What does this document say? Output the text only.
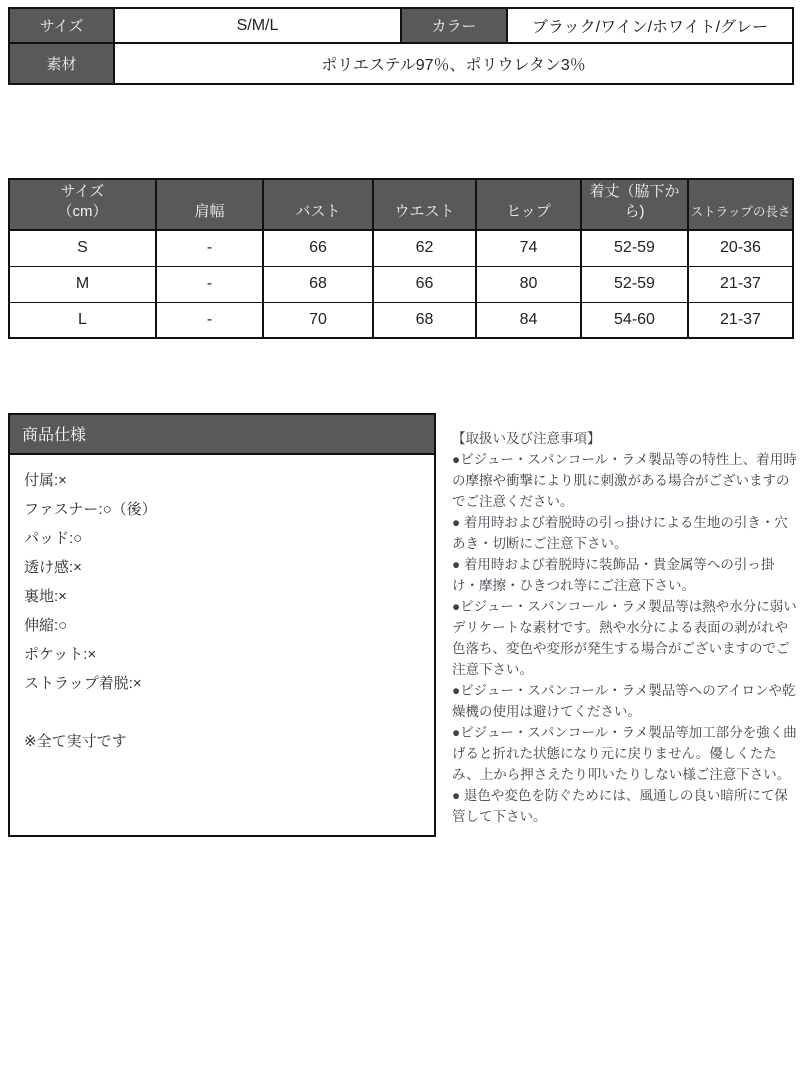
サイズ	S/M/L	カラー	ブラック/ワイン/ホワイト/グレー
素材	ポリエステル97％、ポリウレタン3％		
サイズ
（cm）	肩幅	バスト	ウエスト	ヒップ	着丈（脇下から)	ストラップの長さ
S	-	66	62	74	52-59	20-36
M	-	68	66	80	52-59	21-37
L	-	70	68	84	54-60	21-37
商品仕様
付属:×
ファスナー:○（後）
パッド:○
透け感:×
裏地:×
伸縮:○
ポケット:×
ストラップ着脱:×
※全て実寸です
【取扱い及び注意事項】

●ビジュー・スパンコール・ラメ製品等の特性上、着用時の摩擦や衝撃により肌に刺激がある場合がございますのでご注意ください。

● 着用時および着脱時の引っ掛けによる生地の引き・穴あき・切断にご注意下さい。

● 着用時および着脱時に装飾品・貴金属等への引っ掛け・摩擦・ひきつれ等にご注意下さい。

●ビジュー・スパンコール・ラメ製品等は熱や水分に弱いデリケートな素材です。熱や水分による表面の剥がれや色落ち、変色や変形が発生する場合がございますのでご注意下さい。

●ビジュー・スパンコール・ラメ製品等へのアイロンや乾燥機の使用は避けてください。

●ビジュー・スパンコール・ラメ製品等加工部分を強く曲げると折れた状態になり元に戻りません。優しくたたみ、上から押さえたり叩いたりしない様ご注意下さい。

● 退色や変色を防ぐためには、風通しの良い暗所にて保管して下さい。
